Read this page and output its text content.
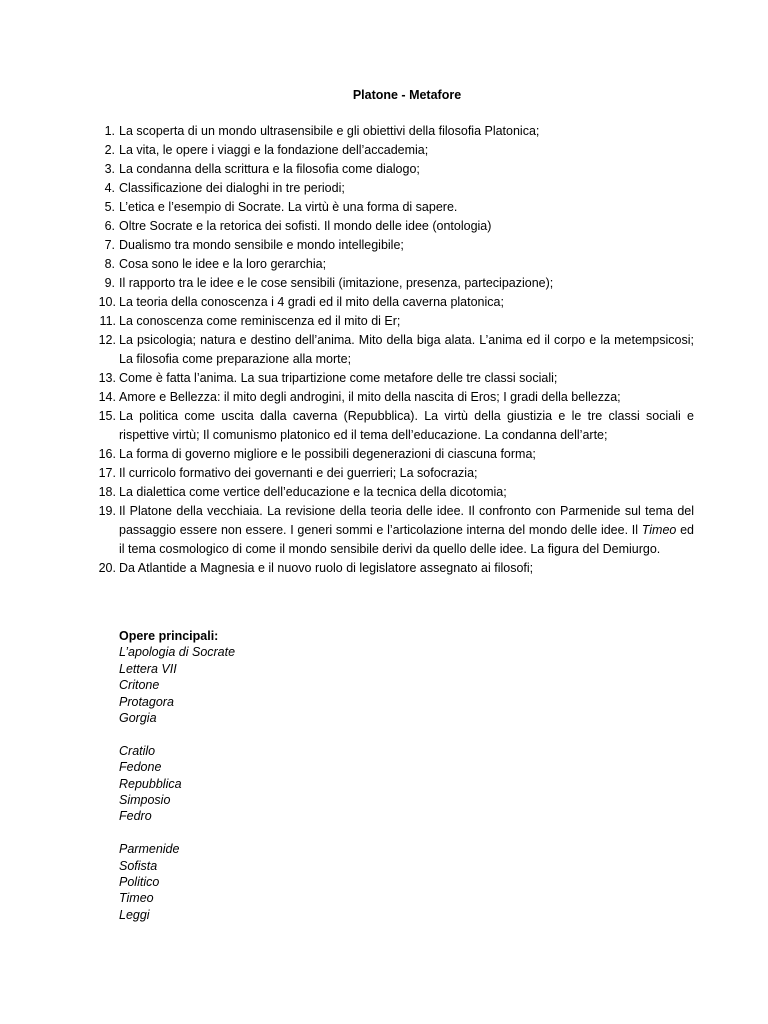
Platone - Metafore
1. La scoperta di un mondo ultrasensibile e gli obiettivi della filosofia Platonica;
2. La vita, le opere i viaggi e la fondazione dell’accademia;
3. La condanna della scrittura e la filosofia come dialogo;
4. Classificazione dei dialoghi in tre periodi;
5. L’etica e l’esempio di Socrate. La virtù è una forma di sapere.
6. Oltre Socrate e la retorica dei sofisti. Il mondo delle idee (ontologia)
7. Dualismo tra mondo sensibile e mondo intellegibile;
8. Cosa sono le idee e la loro gerarchia;
9. Il rapporto tra le idee e le cose sensibili (imitazione, presenza, partecipazione);
10. La teoria della conoscenza i 4 gradi ed il mito della caverna platonica;
11. La conoscenza come reminiscenza ed il mito di Er;
12. La psicologia; natura e destino dell’anima. Mito della biga alata. L’anima ed il corpo e la metempsicosi; La filosofia come preparazione alla morte;
13. Come è fatta l’anima. La sua tripartizione come metafore delle tre classi sociali;
14. Amore e Bellezza: il mito degli androgini, il mito della nascita di Eros; I gradi della bellezza;
15. La politica come uscita dalla caverna (Repubblica). La virtù della giustizia e le tre classi sociali e rispettive virtù; Il comunismo platonico ed il tema dell’educazione. La condanna dell’arte;
16. La forma di governo migliore e le possibili degenerazioni di ciascuna forma;
17. Il curricolo formativo dei governanti e dei guerrieri; La sofocrazia;
18. La dialettica come vertice dell’educazione e la tecnica della dicotomia;
19. Il Platone della vecchiaia. La revisione della teoria delle idee. Il confronto con Parmenide sul tema del passaggio essere non essere. I generi sommi e l’articolazione interna del mondo delle idee. Il Timeo ed il tema cosmologico di come il mondo sensibile derivi da quello delle idee. La figura del Demiurgo.
20. Da Atlantide a Magnesia e il nuovo ruolo di legislatore assegnato ai filosofi;

Opere principali:

L’apologia di Socrate
Lettera VII
Critone
Protagora
Gorgia
Cratilo
Fedone
Repubblica
Simposio
Fedro
Parmenide
Sofista
Politico
Timeo
Leggi
